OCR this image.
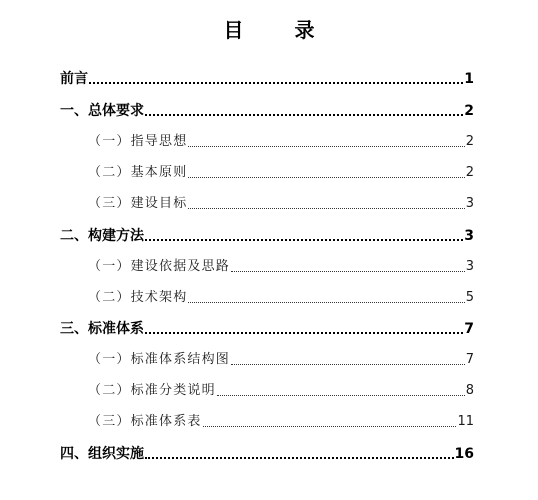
目 录
前言	1
一、总体要求	2
（一）指导思想	2
（二）基本原则	2
（三）建设目标	3
二、构建方法	3
（一）建设依据及思路	3
（二）技术架构	5
三、标准体系	7
（一）标准体系结构图	7
（二）标准分类说明	8
（三）标准体系表	11
四、组织实施	16
